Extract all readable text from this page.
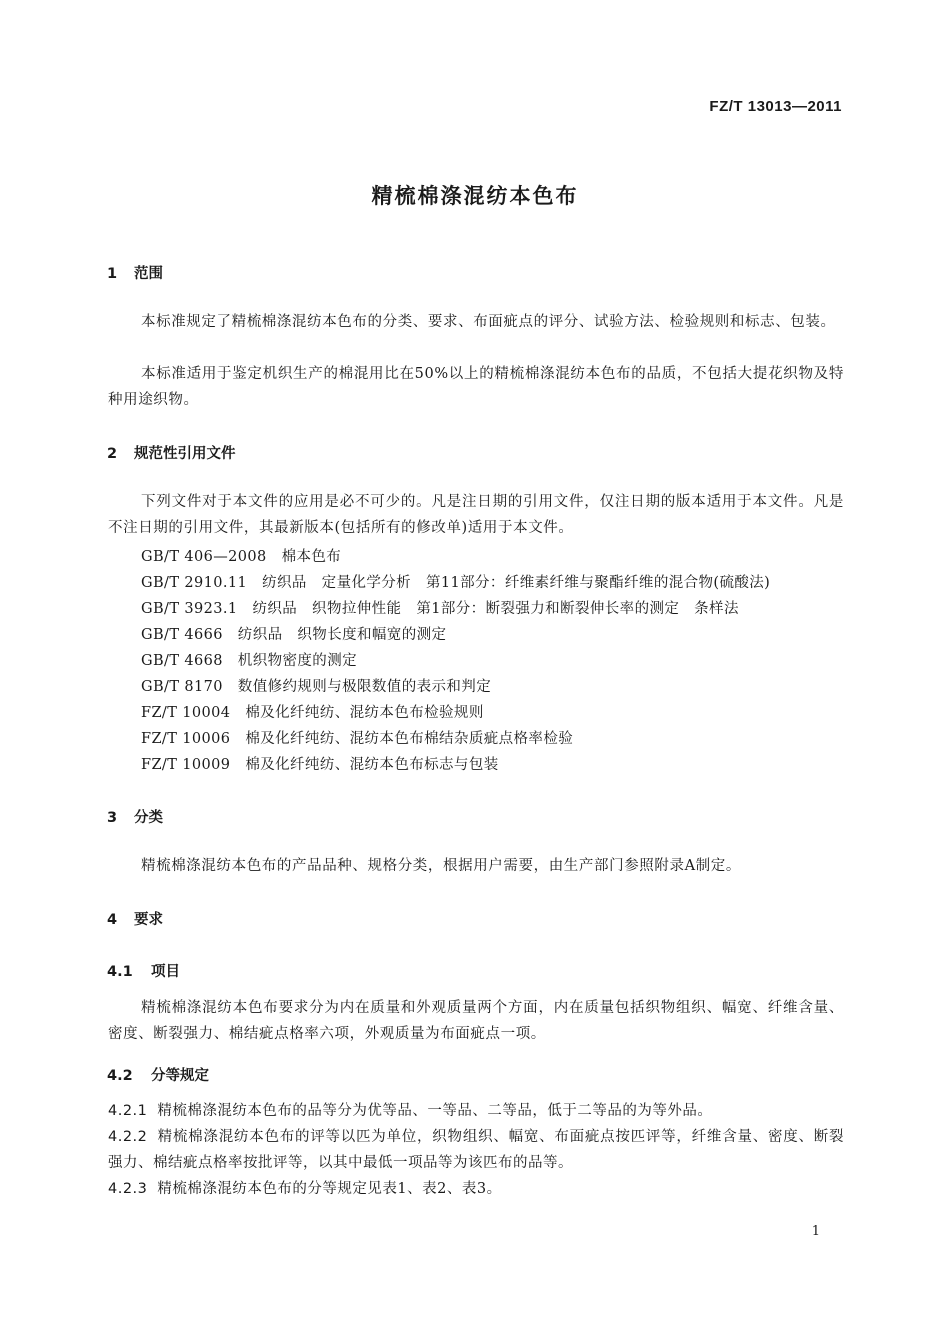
FZ/T 13013—2011
精梳棉涤混纺本色布
1 范围
本标准规定了精梳棉涤混纺本色布的分类、要求、布面疵点的评分、试验方法、检验规则和标志、包装。
本标准适用于鉴定机织生产的棉混用比在50%以上的精梳棉涤混纺本色布的品质，不包括大提花织物及特种用途织物。
2 规范性引用文件
下列文件对于本文件的应用是必不可少的。凡是注日期的引用文件，仅注日期的版本适用于本文件。凡是不注日期的引用文件，其最新版本(包括所有的修改单)适用于本文件。
GB/T 406—2008　棉本色布
GB/T 2910.11　纺织品　定量化学分析　第11部分：纤维素纤维与聚酯纤维的混合物(硫酸法)
GB/T 3923.1　纺织品　织物拉伸性能　第1部分：断裂强力和断裂伸长率的测定　条样法
GB/T 4666　纺织品　织物长度和幅宽的测定
GB/T 4668　机织物密度的测定
GB/T 8170　数值修约规则与极限数值的表示和判定
FZ/T 10004　棉及化纤纯纺、混纺本色布检验规则
FZ/T 10006　棉及化纤纯纺、混纺本色布棉结杂质疵点格率检验
FZ/T 10009　棉及化纤纯纺、混纺本色布标志与包装
3 分类
精梳棉涤混纺本色布的产品品种、规格分类，根据用户需要，由生产部门参照附录A制定。
4 要求
4.1 项目
精梳棉涤混纺本色布要求分为内在质量和外观质量两个方面，内在质量包括织物组织、幅宽、纤维含量、密度、断裂强力、棉结疵点格率六项，外观质量为布面疵点一项。
4.2 分等规定
4.2.1 精梳棉涤混纺本色布的品等分为优等品、一等品、二等品，低于二等品的为等外品。
4.2.2 精梳棉涤混纺本色布的评等以匹为单位，织物组织、幅宽、布面疵点按匹评等，纤维含量、密度、断裂强力、棉结疵点格率按批评等，以其中最低一项品等为该匹布的品等。
4.2.3 精梳棉涤混纺本色布的分等规定见表1、表2、表3。
1
